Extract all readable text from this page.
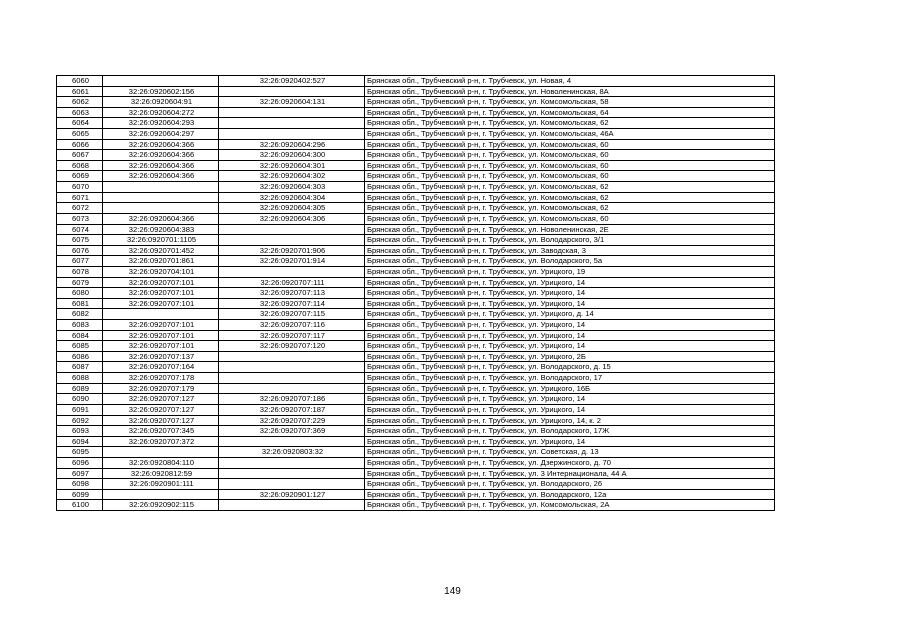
6060		32:26:0920402:527	Брянская обл., Трубчевский р-н, г. Трубчевск, ул. Новая, 4
6061	32:26:0920602:156		Брянская обл., Трубчевский р-н, г. Трубчевск, ул. Новоленинская, 8А
6062	32:26:0920604:91	32:26:0920604:131	Брянская обл., Трубчевский р-н, г. Трубчевск, ул. Комсомольская, 58
6063	32:26:0920604:272		Брянская обл., Трубчевский р-н, г. Трубчевск, ул. Комсомольская, 64
6064	32:26:0920604:293		Брянская обл., Трубчевский р-н, г. Трубчевск, ул. Комсомольская, 62
6065	32:26:0920604:297		Брянская обл., Трубчевский р-н, г. Трубчевск, ул. Комсомольская, 46А
6066	32:26:0920604:366	32:26:0920604:296	Брянская обл., Трубчевский р-н, г. Трубчевск, ул. Комсомольская, 60
6067	32:26:0920604:366	32:26:0920604:300	Брянская обл., Трубчевский р-н, г. Трубчевск, ул. Комсомольская, 60
6068	32:26:0920604:366	32:26:0920604:301	Брянская обл., Трубчевский р-н, г. Трубчевск, ул. Комсомольская, 60
6069	32:26:0920604:366	32:26:0920604:302	Брянская обл., Трубчевский р-н, г. Трубчевск, ул. Комсомольская, 60
6070		32:26:0920604:303	Брянская обл., Трубчевский р-н, г. Трубчевск, ул. Комсомольская, 62
6071		32:26:0920604:304	Брянская обл., Трубчевский р-н, г. Трубчевск, ул. Комсомольская, 62
6072		32:26:0920604:305	Брянская обл., Трубчевский р-н, г. Трубчевск, ул. Комсомольская, 62
6073	32:26:0920604:366	32:26:0920604:306	Брянская обл., Трубчевский р-н, г. Трубчевск, ул. Комсомольская, 60
6074	32:26:0920604:383		Брянская обл., Трубчевский р-н, г. Трубчевск, ул. Новоленинская, 2Е
6075	32:26:0920701:1105		Брянская обл., Трубчевский р-н, г. Трубчевск, ул. Володарского, 3/1
6076	32:26:0920701:452	32:26:0920701:906	Брянская обл., Трубчевский р-н, г. Трубчевск, ул. Заводская, 3
6077	32:26:0920701:861	32:26:0920701:914	Брянская обл., Трубчевский р-н, г. Трубчевск, ул. Володарского, 5а
6078	32:26:0920704:101		Брянская обл., Трубчевский р-н, г. Трубчевск, ул. Урицкого, 19
6079	32:26:0920707:101	32:26:0920707:111	Брянская обл., Трубчевский р-н, г. Трубчевск, ул. Урицкого, 14
6080	32:26:0920707:101	32:26:0920707:113	Брянская обл., Трубчевский р-н, г. Трубчевск, ул. Урицкого, 14
6081	32:26:0920707:101	32:26:0920707:114	Брянская обл., Трубчевский р-н, г. Трубчевск, ул. Урицкого, 14
6082		32:26:0920707:115	Брянская обл., Трубчевский р-н, г. Трубчевск, ул. Урицкого, д. 14
6083	32:26:0920707:101	32:26:0920707:116	Брянская обл., Трубчевский р-н, г. Трубчевск, ул. Урицкого, 14
6084	32:26:0920707:101	32:26:0920707:117	Брянская обл., Трубчевский р-н, г. Трубчевск, ул. Урицкого, 14
6085	32:26:0920707:101	32:26:0920707:120	Брянская обл., Трубчевский р-н, г. Трубчевск, ул. Урицкого, 14
6086	32:26:0920707:137		Брянская обл., Трубчевский р-н, г. Трубчевск, ул. Урицкого, 2Б
6087	32:26:0920707:164		Брянская обл., Трубчевский р-н, г. Трубчевск, ул. Володарского, д. 15
6088	32:26:0920707:178		Брянская обл., Трубчевский р-н, г. Трубчевск, ул. Володарского, 17
6089	32:26:0920707:179		Брянская обл., Трубчевский р-н, г. Трубчевск, ул. Урицкого, 16Б
6090	32:26:0920707:127	32:26:0920707:186	Брянская обл., Трубчевский р-н, г. Трубчевск, ул. Урицкого, 14
6091	32:26:0920707:127	32:26:0920707:187	Брянская обл., Трубчевский р-н, г. Трубчевск, ул. Урицкого, 14
6092	32:26:0920707:127	32:26:0920707:229	Брянская обл., Трубчевский р-н, г. Трубчевск, ул. Урицкого, 14, к. 2
6093	32:26:0920707:345	32:26:0920707:369	Брянская обл., Трубчевский р-н, г. Трубчевск, ул. Володарского, 17Ж
6094	32:26:0920707:372		Брянская обл., Трубчевский р-н, г. Трубчевск, ул. Урицкого, 14
6095		32:26:0920803:32	Брянская обл., Трубчевский р-н, г. Трубчевск, ул. Советская, д. 13
6096	32:26:0920804:110		Брянская обл., Трубчевский р-н, г. Трубчевск, ул. Дзержинского, д. 70
6097	32:26:0920812:59		Брянская обл., Трубчевский р-н, г. Трубчевск, ул. 3 Интернационала, 44 А
6098	32:26:0920901:111		Брянская обл., Трубчевский р-н, г. Трубчевск, ул. Володарского, 26
6099		32:26:0920901:127	Брянская обл., Трубчевский р-н, г. Трубчевск, ул. Володарского, 12а
6100	32:26:0920902:115		Брянская обл., Трубчевский р-н, г. Трубчевск, ул. Комсомольская, 2А
149
